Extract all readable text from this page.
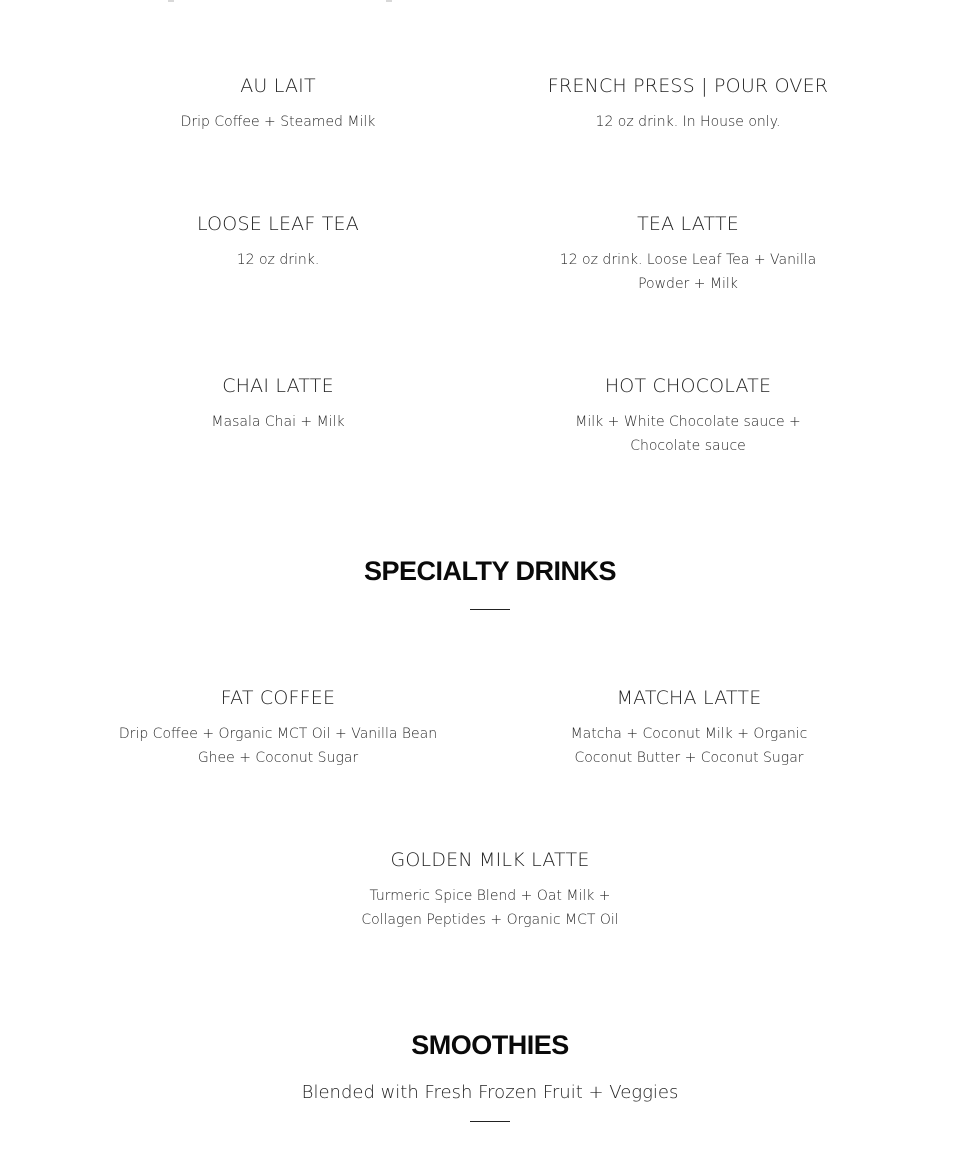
AU LAIT
Drip Coffee + Steamed Milk
FRENCH PRESS | POUR OVER
12 oz drink. In House only.
LOOSE LEAF TEA
12 oz drink.
TEA LATTE
12 oz drink. Loose Leaf Tea + Vanilla Powder + Milk
CHAI LATTE
Masala Chai + Milk
HOT CHOCOLATE
Milk + White Chocolate sauce + Chocolate sauce
SPECIALTY DRINKS
FAT COFFEE
Drip Coffee + Organic MCT Oil + Vanilla Bean Ghee + Coconut Sugar
MATCHA LATTE
Matcha + Coconut Milk + Organic Coconut Butter + Coconut Sugar
GOLDEN MILK LATTE
Turmeric Spice Blend + Oat Milk + Collagen Peptides + Organic MCT Oil
SMOOTHIES
Blended with Fresh Frozen Fruit + Veggies
